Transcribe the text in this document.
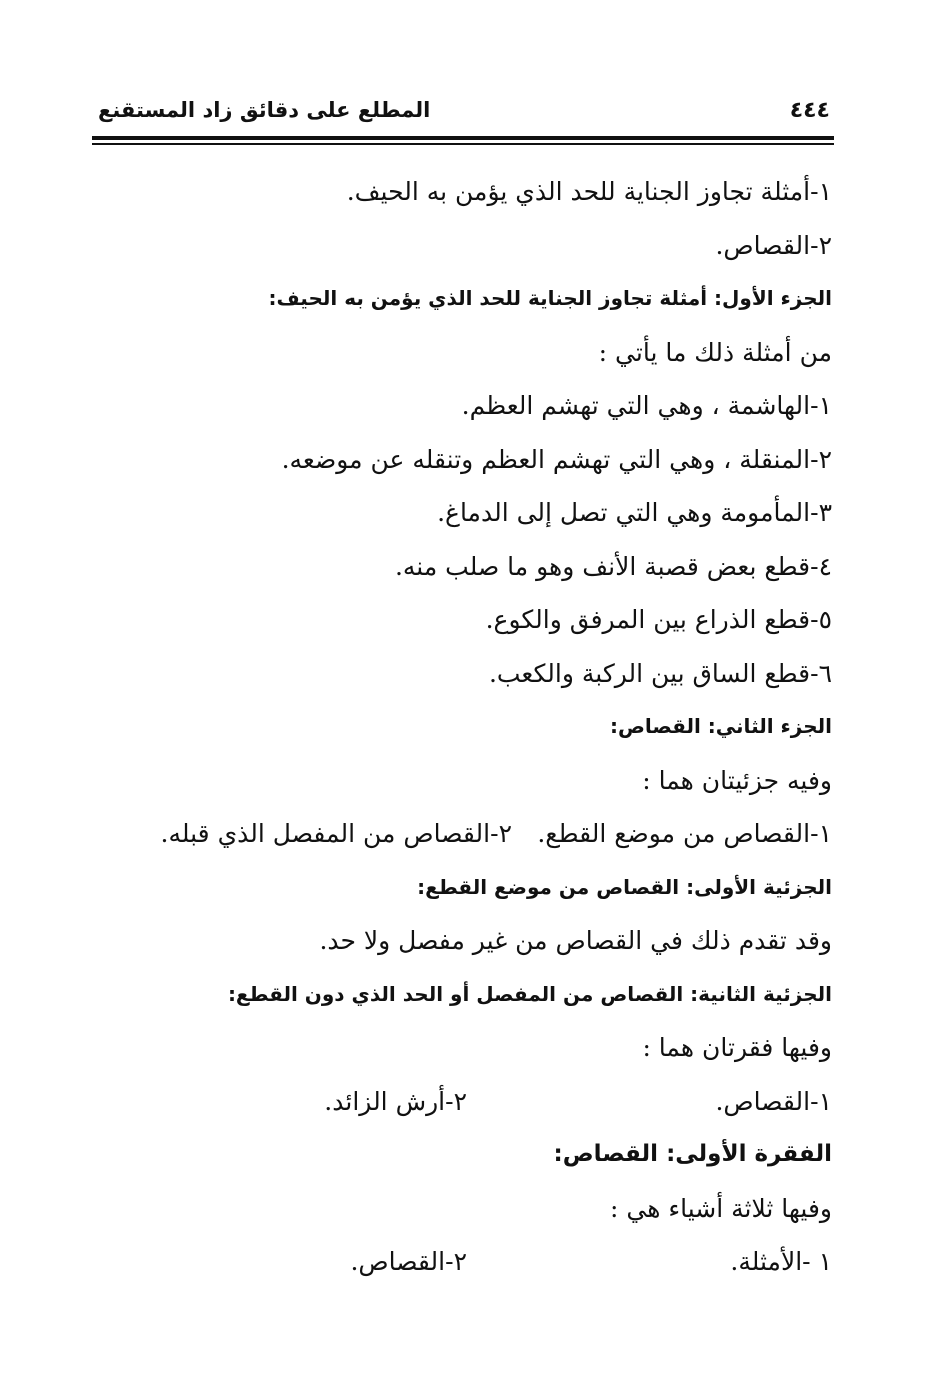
٤٤٤
المطلع على دقائق زاد المستقنع
١-أمثلة تجاوز الجناية للحد الذي يؤمن به الحيف.
٢-القصاص.
الجزء الأول: أمثلة تجاوز الجناية للحد الذي يؤمن به الحيف:
من أمثلة ذلك ما يأتي :
١-الهاشمة ، وهي التي تهشم العظم.
٢-المنقلة ، وهي التي تهشم العظم وتنقله عن موضعه.
٣-المأمومة وهي التي تصل إلى الدماغ.
٤-قطع بعض قصبة الأنف وهو ما صلب منه.
٥-قطع الذراع بين المرفق والكوع.
٦-قطع الساق بين الركبة والكعب.
الجزء الثاني: القصاص:
وفيه جزئيتان هما :
١-القصاص من موضع القطع.
٢-القصاص من المفصل الذي قبله.
الجزئية الأولى: القصاص من موضع القطع:
وقد تقدم ذلك في القصاص من غير مفصل ولا حد.
الجزئية الثانية: القصاص من المفصل أو الحد الذي دون القطع:
وفيها فقرتان هما :
١-القصاص.
٢-أرش الزائد.
الفقرة الأولى: القصاص:
وفيها ثلاثة أشياء هي :
١ -الأمثلة.
٢-القصاص.
